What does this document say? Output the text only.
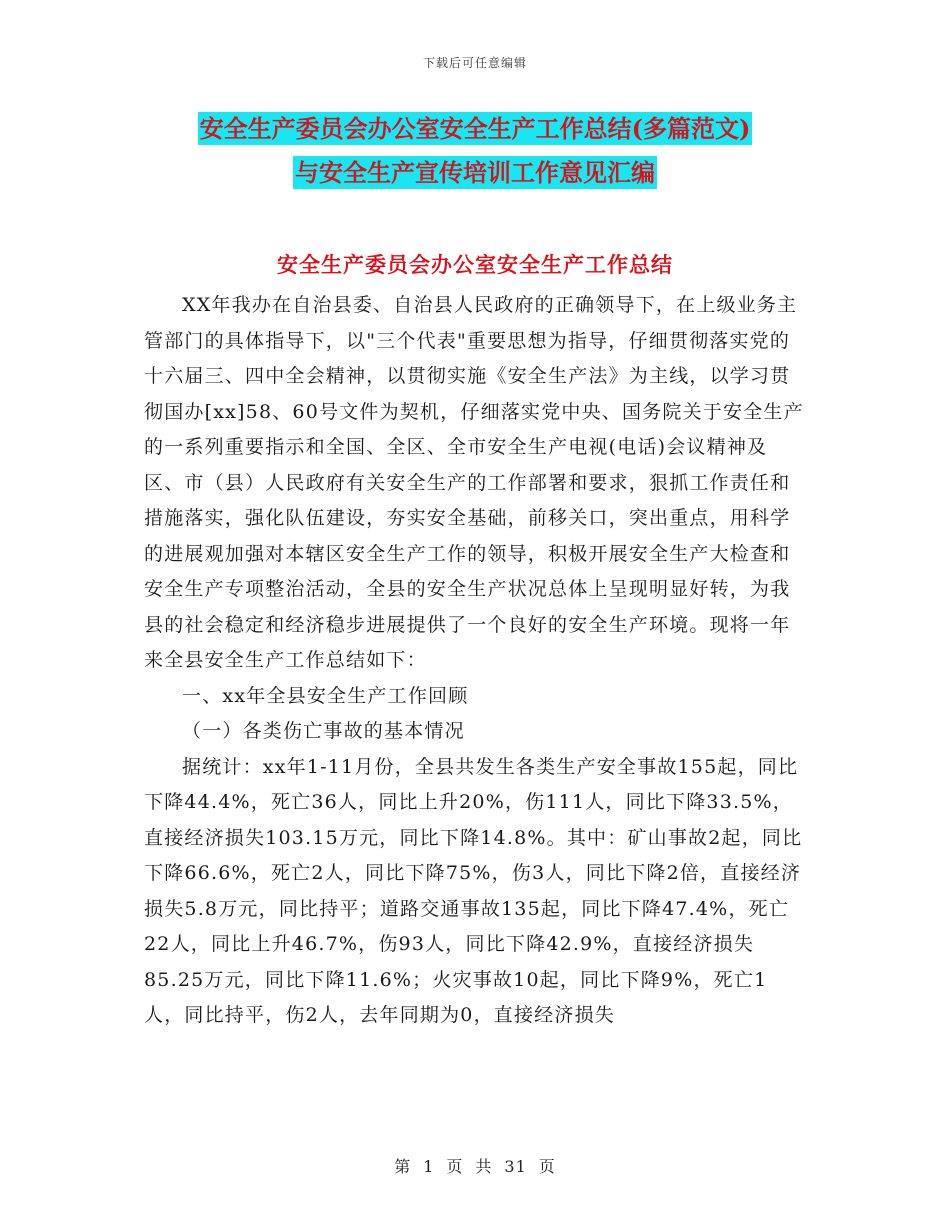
下载后可任意编辑
安全生产委员会办公室安全生产工作总结(多篇范文)
与安全生产宣传培训工作意见汇编
安全生产委员会办公室安全生产工作总结

XX年我办在自治县委、自治县人民政府的正确领导下，在上级业务主管部门的具体指导下，以"三个代表"重要思想为指导，仔细贯彻落实党的十六届三、四中全会精神，以贯彻实施《安全生产法》为主线，以学习贯彻国办[xx]58、60号文件为契机，仔细落实党中央、国务院关于安全生产的一系列重要指示和全国、全区、全市安全生产电视(电话)会议精神及区、市（县）人民政府有关安全生产的工作部署和要求，狠抓工作责任和措施落实，强化队伍建设，夯实安全基础，前移关口，突出重点，用科学的进展观加强对本辖区安全生产工作的领导，积极开展安全生产大检查和安全生产专项整治活动，全县的安全生产状况总体上呈现明显好转，为我县的社会稳定和经济稳步进展提供了一个良好的安全生产环境。现将一年来全县安全生产工作总结如下：

一、xx年全县安全生产工作回顾

（一）各类伤亡事故的基本情况

据统计：xx年1-11月份，全县共发生各类生产安全事故155起，同比下降44.4%，死亡36人，同比上升20%，伤111人，同比下降33.5%，直接经济损失103.15万元，同比下降14.8%。其中：矿山事故2起，同比下降66.6%，死亡2人，同比下降75%，伤3人，同比下降2倍，直接经济损失5.8万元，同比持平；道路交通事故135起，同比下降47.4%，死亡22人，同比上升46.7%，伤93人，同比下降42.9%，直接经济损失85.25万元，同比下降11.6%；火灾事故10起，同比下降9%，死亡1人，同比持平，伤2人，去年同期为0，直接经济损失

第 1 页 共 31 页
